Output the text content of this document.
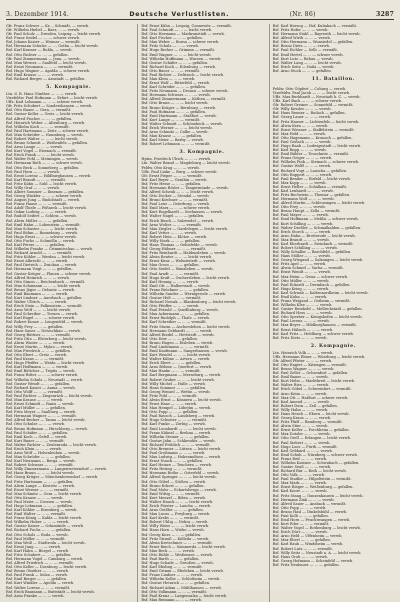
3. Dezember 1914.	Deutsche Verlustlisten.	(Nr. 86)	3287
Gfr. Franz Schwer — Kr..., Schmidt, — verwb.
Gfr. Wilhelm Hiebel — Baer, ... — verwb.
Gfr. Paul Scholz — Dresden, Leipzig — leicht verwb.
Rsf. Franz Seidel — ..., — schwer verwb.
Rsf. Johann Kaiser — Weimar — vermißt.
Rsf. Hermann Schulze — ..., Gotha — leicht verwb.
Rsf. Karl Kramer — Ruhla, — verwb.
Rsf. Otto Richter — ..., — gefallen.
Gfr. Paul Zimmermann — Jena, — verwb.
Rsf. Max Werner — Saalfeld — leicht verwb.
Rsf. Ernst Neumann — ... — vermißt.
Rsf. Hugo Wagner — Apolda — schwer verwb.
Rsf. Emil Krause — ... — verwb.
Rsf. Richard Berger — Arnstadt — gefallen.
5. Kompagnie.
Ltn. d. R. Hans Günther — ... — verwb.
Vizefeldw. Paul Hofmann — Erfurt — leicht verwb.
Uffz. Karl Lehmann — ... — schwer verwb.
Gfr. Fritz Schubert — Sondershausen — verwb.
Rsf. Otto Bauer — Gera, — vermißt.
Rsf. Gustav Keller — Greiz — leicht verwb.
Rsf. Alfred Fischer — ..., — gefallen.
Rsf. Heinrich Weber — Altenburg — verwb.
Rsf. Wilhelm Koch — ... — vermißt.
Rsf. Paul Hartmann — Zeitz — schwer verwb.
Rsf. Max Schröder — Naumburg — verwb.
Rsf. Robert Walter — ... — leicht verwb.
Rsf. Bruno Schmitt — Weißenfels — gefallen.
Rsf. Arno Lange — ... — verwb.
Rsf. Kurt Vogel — Eisenach — vermißt.
Rsf. Erich Frank — ... — leicht verwb.
Rsf. Walter Pohl — Meiningen — verwb.
Rsf. Hermann Roth — ... — schwer verwb.
Rsf. Otto Beck — Sonneberg — gefallen.
Rsf. Paul Horn — ... — verwb.
Rsf. Ernst Lorenz — Hildburghausen — verwb.
Rsf. Karl Brandt — ... — vermißt.
Rsf. Fritz Kühn — Suhl — leicht verwb.
Rsf. Willy Graf — ... — verwb.
Rsf. Albert Sommer — Ilmenau — gefallen.
Rsf. Georg Winkler — ... — schwer verwb.
Rsf. August Jung — Rudolstadt — verwb.
Rsf. Franz Haase — ... — vermißt.
Rsf. Adolf Thiele — Pößneck — leicht verwb.
Rsf. Oskar Ludwig — ... — verwb.
Rsf. Rudolf Seifert — Schleiz — verwb.
Rsf. Alwin Möller — ... — gefallen.
Rsf. Emil Hahn — Lobenstein — vermißt.
Rsf. Max Schuster — ... — leicht verwb.
Rsf. Paul Böhm — Ronneburg — verwb.
Rsf. Hugo Ernst — ... — schwer verwb.
Rsf. Otto Fuchs — Schmölln — verwb.
Rsf. Karl Peters — ... — gefallen.
Rsf. Wilhelm Franke — Crimmitschau — verwb.
Rsf. Richard Arnold — ... — vermißt.
Rsf. Fritz Köhler — Werdau — leicht verwb.
Rsf. Ernst Albrecht — ... — verwb.
Rsf. Paul Dietrich — Zwickau — verwb.
Rsf. Hermann Voigt — ... — gefallen.
Rsf. Gustav Krüger — Plauen — schwer verwb.
Rsf. Alfred Heinrich — ... — verwb.
Rsf. Otto Simon — Reichenbach — vermißt.
Rsf. Max Schumann — ... — leicht verwb.
Rsf. Bruno Jäger — Oelsnitz — verwb.
Rsf. Emil Baumann — ... — verwb.
Rsf. Kurt Lindner — Auerbach — gefallen.
Rsf. Walter Ullrich — ... — verwb.
Rsf. Erich Stein — Falkenstein — vermißt.
Rsf. Arno Wolf — ... — leicht verwb.
Rsf. Paul Schreiber — Treuen — verwb.
Rsf. Karl Engel — ... — schwer verwb.
Rsf. Robert Kunze — Lengenfeld — verwb.
Rsf. Willy Frey — ... — gefallen.
Rsf. Hans Sauer — Netzschkau — verwb.
Rsf. Georg Büttner — ... — vermißt.
Rsf. Fritz Otto — Elsterberg — leicht verwb.
Rsf. Alwin Winter — ... — verwb.
Rsf. Ernst Martin — Mylau — verwb.
Rsf. Max Friedrich — ... — gefallen.
Rsf. Otto Ebert — Greiz — verwb.
Rsf. Paul Kraus — ... — vermißt.
Rsf. Hugo Pfeiffer — Weida — leicht verwb.
Rsf. Karl Hoffmann — ... — verwb.
Rsf. Emil Böttcher — Triptis — verwb.
Rsf. Franz Ritter — ... — schwer verwb.
Rsf. Wilhelm Schulz — Neustadt — verwb.
Rsf. Gustav Wendt — ... — gefallen.
Rsf. Richard Kaiser — Auma — verwb.
Rsf. Otto Wolff — ... — vermißt.
Rsf. Paul Richter — Ziegenrück — leicht verwb.
Rsf. Max Krause — ... — verwb.
Rsf. Ernst Schmidt — Ranis — verwb.
Rsf. Karl Müller — ... — gefallen.
Rsf. Fritz Meyer — Saalburg — verwb.
Rsf. Hermann Wagner — ... — vermißt.
Rsf. Alfred Becker — Tanna — leicht verwb.
Rsf. Otto Schulze — ... — verwb.
Rsf. Bruno Hofmann — Hirschberg — verwb.
Rsf. Paul Schäfer — ... — gefallen.
Rsf. Emil Koch — Gefell — verwb.
Rsf. Kurt Bauer — ... — vermißt.
Rsf. Walter Richter — Zeulenroda — leicht verwb.
Rsf. Erich Klein — ... — verwb.
Rsf. Arno Wolf — Hohenleuben — verwb.
Rsf. Max Schröder — ... — gefallen.
Rsf. Karl Neumann — Berga — verwb.
Rsf. Robert Schwarz — ... — vermißt.
Rsf. Willy Zimmermann — Langenwetzendorf — verwb.
Rsf. Hans Braun — ... — leicht verwb.
Rsf. Georg Krüger — Münchenbernsdorf — verwb.
Rsf. Fritz Hartmann — ... — gefallen.
Rsf. Alwin Lange — Köstritz — verwb.
Rsf. Ernst Werner — ... — vermißt.
Rsf. Max Schmitz — Gera — leicht verwb.
Rsf. Otto Krause — ... — verwb.
Rsf. Paul Meier — Crossen — verwb.
Rsf. Hugo Lehmann — ... — gefallen.
Rsf. Karl Köhler — Eisenberg — verwb.
Rsf. Emil Walter — ... — vermißt.
Rsf. Franz König — Kahla — leicht verwb.
Rsf. Wilhelm Huber — ... — verwb.
Rsf. Gustav Kaiser — Orlamünde — verwb.
Rsf. Richard Fuchs — ... — gefallen.
Rsf. Otto Scholz — Roda — verwb.
Rsf. Paul Möller — ... — vermißt.
Rsf. Max Weiß — Stadtroda — leicht verwb.
Rsf. Ernst Jung — ... — verwb.
Rsf. Karl Hahn — Bürgel — verwb.
Rsf. Fritz Schubert — ... — gefallen.
Rsf. Hermann Vogel — Camburg — verwb.
Rsf. Alfred Friedrich — ... — vermißt.
Rsf. Otto Keller — Dornburg — leicht verwb.
Rsf. Bruno Günther — ... — verwb.
Rsf. Paul Frank — Sulza — verwb.
Rsf. Emil Berger — ... — gefallen.
Rsf. Kurt Winkler — Apolda — verwb.
Rsf. Walter Lorenz — ... — vermißt.
Rsf. Erich Baumann — Buttstädt — leicht verwb.
Rsf. Arno Franke — ... — verwb.
Rsf. Ernst Kühn — Leipzig, Connewitz — vermißt.
Rsf. Paul Schmidt — ... — leicht verwb.
Rsf. Otto Hermann — Markranstädt — verwb.
Rsf. Karl Fischer — ... — gefallen.
Rsf. Max Weber — Borna — schwer verwb.
Rsf. Fritz Schulz — ... — verwb.
Rsf. Hugo Becker — Grimma — vermißt.
Rsf. Emil Wagner — ... — leicht verwb.
Rsf. Wilhelm Hoffmann — Wurzen — verwb.
Rsf. Gustav Schäfer — ... — gefallen.
Rsf. Richard Koch — Eilenburg — verwb.
Rsf. Otto Bauer — ... — vermißt.
Rsf. Paul Richter — Delitzsch — leicht verwb.
Rsf. Max Klein — ... — verwb.
Rsf. Ernst Wolf — Bitterfeld — verwb.
Rsf. Karl Schröder — ... — gefallen.
Rsf. Fritz Neumann — Dessau — schwer verwb.
Rsf. Hermann Schwarz — ... — verwb.
Rsf. Alfred Zimmermann — Köthen — vermißt.
Rsf. Otto Braun — ... — leicht verwb.
Rsf. Bruno Krüger — Bernburg — verwb.
Rsf. Paul Hofmann — ... — gefallen.
Rsf. Emil Hartmann — Staßfurt — verwb.
Rsf. Kurt Lange — ... — vermißt.
Rsf. Walter Schmitt — Schönebeck — verwb.
Rsf. Erich Werner — ... — leicht verwb.
Rsf. Arno Schmitz — Calbe — verwb.
Rsf. Max Krause — ... — gefallen.
Rsf. Karl Meier — Barby — verwb.
Rsf. Robert Lehmann — ... — vermißt.
3. Kompagnie.
Hptm. Friedrich Ulrich — ... — verwb.
Ltn. Walter Brand — Magdeburg — leicht verwb.
Feldw. Otto Krug — ... — verwb.
Uffz. Paul Linke — Burg — schwer verwb.
Gfr. Ernst Pieper — ... — vermißt.
Rsf. Karl Beyer — Genthin — verwb.
Rsf. Fritz Hesse — ... — gefallen.
Rsf. Hermann Rösler — Tangermünde — verwb.
Rsf. Alfred Schenk — ... — leicht verwb.
Rsf. Otto Decker — Stendal — verwb.
Rsf. Bruno Kirchner — ... — vermißt.
Rsf. Paul Lenz — Osterburg — verwb.
Rsf. Emil Marx — ... — schwer verwb.
Rsf. Kurt Engelhardt — Seehausen — verwb.
Rsf. Walter Nagel — ... — gefallen.
Rsf. Erich Busch — Salzwedel — verwb.
Rsf. Arno Wolter — ... — vermißt.
Rsf. Max Ziegler — Gardelegen — leicht verwb.
Rsf. Karl Vetter — ... — verwb.
Rsf. Robert Hein — Klötze — verwb.
Rsf. Willy Stark — ... — gefallen.
Rsf. Hans Thomas — Oebisfelde — verwb.
Rsf. Georg Hübner — ... — vermißt.
Rsf. Fritz Reinhardt — Haldensleben — verwb.
Rsf. Alwin Reuter — ... — leicht verwb.
Rsf. Ernst Kunz — Wolmirstedt — verwb.
Rsf. Max Gross — ... — gefallen.
Rsf. Otto Seidel — Wanzleben — verwb.
Rsf. Paul Arndt — ... — vermißt.
Rsf. Hugo Kraft — Oschersleben — leicht verwb.
Rsf. Karl Hennig — ... — verwb.
Rsf. Emil Ott — Halberstadt — verwb.
Rsf. Franz Brückner — ... — gefallen.
Rsf. Wilhelm Sander — Wernigerode — verwb.
Rsf. Gustav Heß — ... — vermißt.
Rsf. Richard Nowak — Blankenburg — leicht verwb.
Rsf. Otto Pfeiffer — ... — verwb.
Rsf. Paul Petzold — Quedlinburg — verwb.
Rsf. Max Ackermann — ... — gefallen.
Rsf. Ernst Rudolph — Thale — verwb.
Rsf. Karl Schreiber — ... — vermißt.
Rsf. Fritz Sturm — Aschersleben — leicht verwb.
Rsf. Hermann Gebhardt — ... — verwb.
Rsf. Alfred Riedel — Hettstedt — verwb.
Rsf. Otto Dörr — ... — gefallen.
Rsf. Bruno Hagen — Eisleben — verwb.
Rsf. Paul Lindemann — ... — vermißt.
Rsf. Emil Kaufmann — Sangerhausen — verwb.
Rsf. Kurt Wendel — ... — leicht verwb.
Rsf. Walter Kühne — Artern — verwb.
Rsf. Erich Ebert — ... — gefallen.
Rsf. Arno Böhme — Querfurt — verwb.
Rsf. Max Hanke — ... — vermißt.
Rsf. Karl Bergmann — Merseburg — verwb.
Rsf. Robert Gruber — ... — leicht verwb.
Rsf. Willy Michel — Halle — verwb.
Rsf. Hans Sommer — ... — gefallen.
Rsf. Georg Wenzel — Wettin — verwb.
Rsf. Fritz Pohl — ... — vermißt.
Rsf. Alwin Ernst — Könnern — leicht verwb.
Rsf. Ernst Haas — ... — verwb.
Rsf. Max Hempel — Löbejün — verwb.
Rsf. Otto Popp — ... — gefallen.
Rsf. Paul Rausch — Landsberg — verwb.
Rsf. Hugo Schuster — ... — vermißt.
Rsf. Karl Funke — Zörbig — verwb.
Rsf. Emil Leonhardt — ... — leicht verwb.
Rsf. Franz Kühnel — Brehna — verwb.
Rsf. Wilhelm Steiner — ... — gefallen.
Rsf. Gustav Jahn — Schkeuditz — verwb.
Rsf. Richard Fröhlich — ... — vermißt.
Rsf. Otto Brenner — Lützen — leicht verwb.
Rsf. Paul Großmann — ... — verwb.
Rsf. Max Ludwig — Hohenmölsen — verwb.
Rsf. Ernst Noack — ... — gefallen.
Rsf. Karl Heinze — Teuchern — verwb.
Rsf. Fritz Hering — ... — vermißt.
Rsf. Hermann Rothe — Osterfeld — verwb.
Rsf. Alfred Springer — ... — leicht verwb.
Rsf. Otto Göbel — Stößen — verwb.
Rsf. Bruno Eckert — ... — gefallen.
Rsf. Paul Mohr — Eckartsberga — verwb.
Rsf. Emil Wittig — ... — vermißt.
Rsf. Kurt Menzel — Bibra — verwb.
Rsf. Walter Hauck — ... — leicht verwb.
Rsf. Erich Förster — Laucha — verwb.
Rsf. Arno Geißler — ... — gefallen.
Rsf. Max Lucas — Freyburg — verwb.
Rsf. Karl Krebs — ... — vermißt.
Rsf. Robert Uhlig — Nebra — verwb.
Rsf. Willy Weise — ... — leicht verwb.
Rsf. Hans Horn — Wiehe — verwb.
Rsf. Georg Kurz — ... — gefallen.
Rsf. Fritz Strauß — Kölleda — verwb.
Rsf. Alwin Kretschmer — ... — vermißt.
Rsf. Ernst Reich — Sömmerda — leicht verwb.
Rsf. Max Beck — ... — verwb.
Rsf. Otto Rühle — Weißensee — verwb.
Rsf. Paul Barth — ... — gefallen.
Rsf. Hugo Schade — Greußen — verwb.
Rsf. Karl Ebeling — ... — vermißt.
Rsf. Emil Grimm — Ebeleben — leicht verwb.
Rsf. Franz Lindner — ... — verwb.
Rsf. Wilhelm Kolbe — Schlotheim — verwb.
Rsf. Gustav Heinrich — ... — gefallen.
Rsf. Richard Adam — Mühlhausen — verwb.
Rsf. Otto Volkmann — ... — vermißt.
Rsf. Paul Kranz — Langensalza — leicht verwb.
Rsf. Max Reimann — ... — verwb.
Rsf. Karl Herzog — Hof, Kulmbach — vermißt.
Rsf. Fritz Hofer — ... — verwb.
Rsf. Hermann Stahl — Bayreuth — leicht verwb.
Rsf. Alfred Wirth — ... — verwb.
Rsf. Otto Hermann — Wunsiedel — gefallen.
Rsf. Bruno Dietz — ... — verwb.
Rsf. Paul Eichler — Selb — vermißt.
Rsf. Emil Hertel — ... — schwer verwb.
Rsf. Kurt Lutz — Rehau — verwb.
Rsf. Walter Lang — ... — leicht verwb.
Rsf. Erich Seitz — Naila — verwb.
Rsf. Arno Stock — ... — gefallen.
11. Bataillon.
Feldw. Otto Göpfert — Coburg — verwb.
Vizefeldw. Paul Jacob — ... — leicht verwb.
Uffz. Max Burkhardt — Neustadt b. C. — verwb.
Uffz. Karl Bach — ... — schwer verwb.
Gfr. Robert Greiner — Sonnefeld — vermißt.
Gfr. Willy Kessler — ... — verwb.
Rsf. Hans Renner — Rodach — gefallen.
Rsf. Georg Lauer — ... — verwb.
Rsf. Fritz Hauser — Lichtenfels — leicht verwb.
Rsf. Alwin Kern — ... — verwb.
Rsf. Ernst Wiesner — Staffelstein — vermißt.
Rsf. Max Held — ... — verwb.
Rsf. Otto Hagemann — Kronach — gefallen.
Rsf. Paul Gerlach — ... — verwb.
Rsf. Hugo Raab — Ludwigsstadt — leicht verwb.
Rsf. Karl Rupp — ... — verwb.
Rsf. Emil Bühler — Teuschnitz — vermißt.
Rsf. Franz Geiger — ... — verwb.
Rsf. Wilhelm Fink — Steinach — schwer verwb.
Rsf. Gustav Wolff — ... — verwb.
Rsf. Richard Vogt — Lauscha — gefallen.
Rsf. Otto Ruppert — ... — verwb.
Rsf. Paul Bender — Eisfeld — leicht verwb.
Rsf. Max Kopp — ... — verwb.
Rsf. Ernst Heller — Schalkau — vermißt.
Rsf. Karl Lenhardt — ... — verwb.
Rsf. Fritz Bechstein — Themar — gefallen.
Rsf. Hermann Wolf — ... — verwb.
Rsf. Alfred Martin — Schleusingen — leicht verwb.
Rsf. Otto Frey — ... — verwb.
Rsf. Bruno Haupt — Zella — vermißt.
Rsf. Paul Mayer — ... — verwb.
Rsf. Emil Hoffmann — Mehlis — schwer verwb.
Rsf. Kurt Schilling — ... — verwb.
Rsf. Walter Dreßler — Schmalkalden — gefallen.
Rsf. Erich Storch — ... — verwb.
Rsf. Arno Hahn — Brotterode — leicht verwb.
Rsf. Max Brandt — ... — verwb.
Rsf. Karl Eberhardt — Steinbach — vermißt.
Rsf. Robert Schilling — ... — verwb.
Rsf. Willy Schaller — Barchfeld — gefallen.
Rsf. Hans Möller — ... — verwb.
Rsf. Georg Wiegand — Salzungen — leicht verwb.
Rsf. Fritz Apel — ... — verwb.
Rsf. Alwin Schmid — Vacha — vermißt.
Rsf. Ernst Wendt — ... — verwb.
Rsf. Max Heim — Geisa — schwer verwb.
Rsf. Otto Müller — ... — verwb.
Rsf. Paul Eckardt — Dermbach — gefallen.
Rsf. Hugo Krieg — ... — verwb.
Rsf. Karl Schwab — Kaltennordheim — leicht verwb.
Rsf. Emil Kuhn — ... — verwb.
Rsf. Franz Weigand — Ostheim — vermißt.
Rsf. Wilhelm Klee — ... — verwb.
Rsf. Gustav Reinhold — Mellrichstadt — gefallen.
Rsf. Richard Hess — ... — verwb.
Rsf. Otto Sperber — Königshofen — leicht verwb.
Rsf. Paul Lorenz — ... — verwb.
Rsf. Max Beyer — Hildburghausen — vermißt.
Rsf. Ernst Hübsch — ... — verwb.
Rsf. Karl Fritz — Heldburg — schwer verwb.
Rsf. Fritz Dietz — ... — verwb.
2. Kompagnie.
Ltn. Heinrich Volk — ... — verwb.
Uffz. Hermann Ebner — Würzburg — leicht verwb.
Gfr. Alfred Pfister — ... — verwb.
Rsf. Otto Engert — Kitzingen — vermißt.
Rsf. Bruno Wagner — ... — verwb.
Rsf. Paul Zeller — Ochsenfurt — gefallen.
Rsf. Emil Bauer — ... — verwb.
Rsf. Kurt Helm — Marktbreit — leicht verwb.
Rsf. Walter Ries — ... — verwb.
Rsf. Erich Göbel — Schweinfurt — vermißt.
Rsf. Arno Keim — ... — verwb.
Rsf. Max Ott — Haßfurt — schwer verwb.
Rsf. Karl Amend — ... — verwb.
Rsf. Robert Dorn — Zeil — gefallen.
Rsf. Willy Hahn — ... — verwb.
Rsf. Hans Hench — Ebern — leicht verwb.
Rsf. Georg Kraus — ... — verwb.
Rsf. Fritz Pfaff — Bamberg — vermißt.
Rsf. Alwin Stier — ... — verwb.
Rsf. Ernst Keller — Forchheim — gefallen.
Rsf. Max Dotzler — ... — verwb.
Rsf. Otto Grell — Erlangen — leicht verwb.
Rsf. Paul Siebert — ... — verwb.
Rsf. Hugo Loos — Fürth — vermißt.
Rsf. Karl Gebhard — ... — verwb.
Rsf. Emil Schuh — Nürnberg — schwer verwb.
Rsf. Franz Reif — ... — verwb.
Rsf. Wilhelm Kastner — Schwabach — gefallen.
Rsf. Gustav Seuß — ... — verwb.
Rsf. Richard Bär — Roth — leicht verwb.
Rsf. Otto Volk — ... — verwb.
Rsf. Paul Stadler — Hilpoltstein — vermißt.
Rsf. Max Mark — ... — verwb.
Rsf. Ernst Rieger — Weißenburg — gefallen.
Rsf. Karl Knorr — ... — verwb.
Rsf. Fritz Stang — Gunzenhausen — leicht verwb.
Rsf. Hermann Zink — ... — verwb.
Rsf. Alfred Sauer — Ansbach — vermißt.
Rsf. Otto Popp — ... — verwb.
Rsf. Bruno Hasl — Dinkelsbühl — verwb.
Rsf. Paul Kolb — ... — gefallen.
Rsf. Emil Horn — Feuchtwangen — verwb.
Rsf. Kurt Eder — ... — vermißt.
Rsf. Walter Vogel — Rothenburg — leicht verwb.
Rsf. Erich Dürr — ... — verwb.
Rsf. Arno Held — Uffenheim — verwb.
Rsf. Max Ebert — ... — gefallen.
Rsf. Karl Rauh — Windsheim — verwb.
Rsf. Robert Lutz — ... — vermißt.
Rsf. Willy Seitz — Neustadt a. A. — leicht verwb.
Rsf. Hans Grob — ... — verwb.
Rsf. Georg Hofmann — Scheinfeld — verwb.
Rsf. Fritz Neubauer — ... — gefallen.
